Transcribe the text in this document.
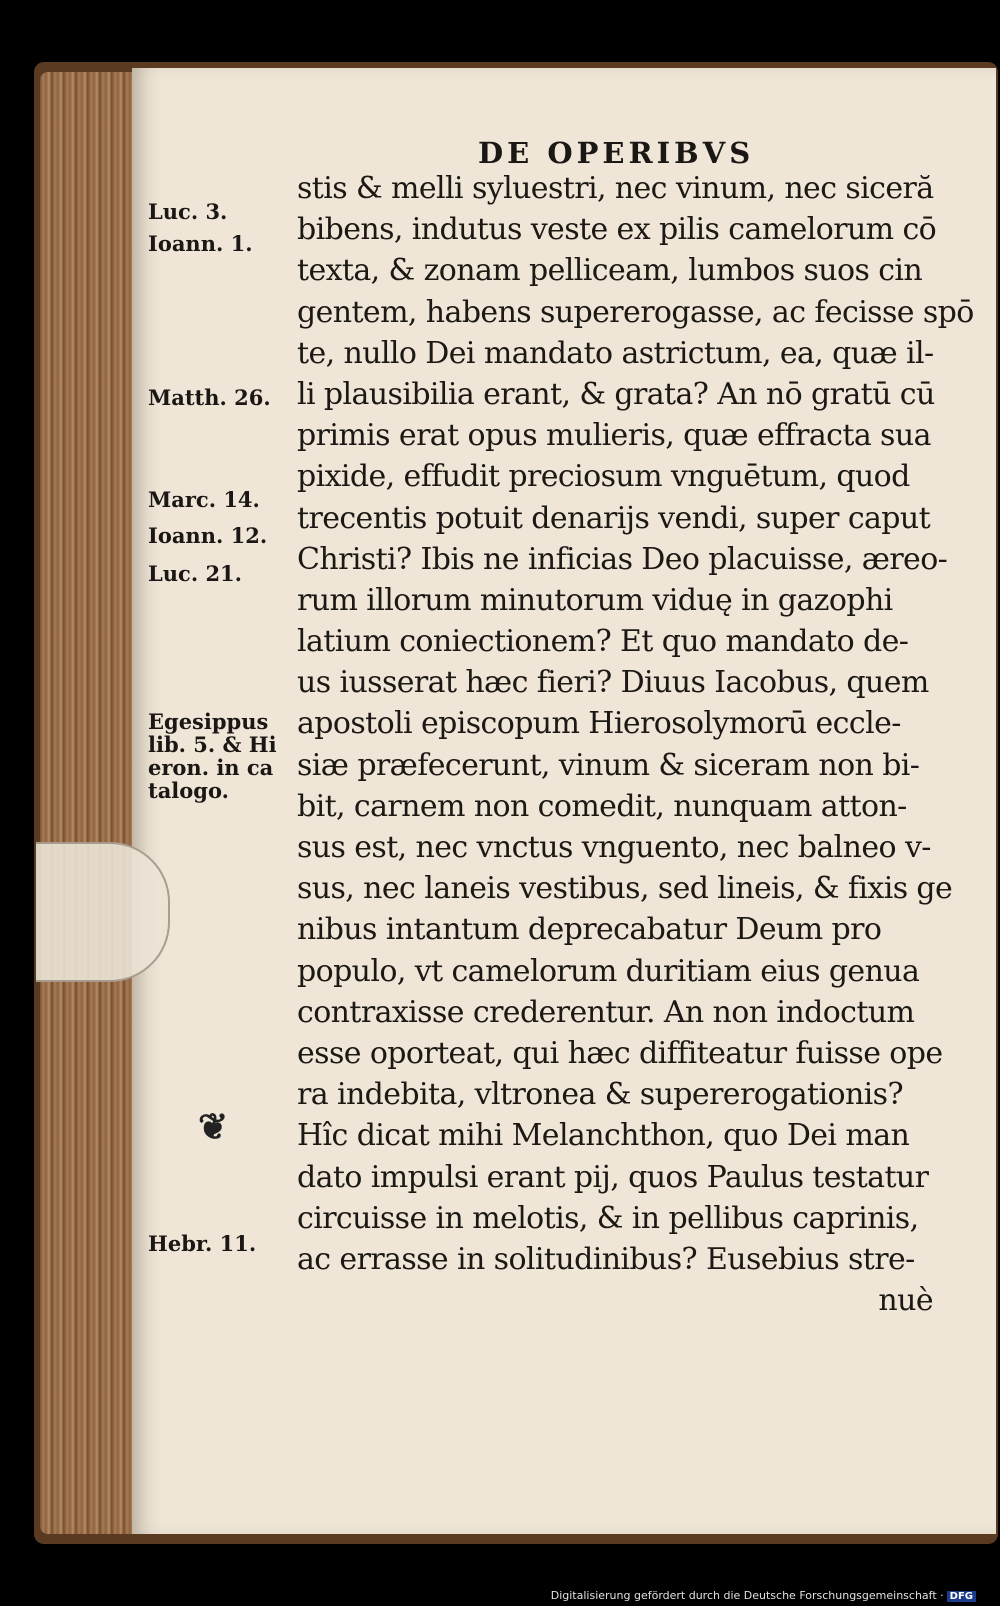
DE OPERIBVS
Luc. 3.
Ioann. 1.
Matth. 26.
Marc. 14.
Ioann. 12.
Luc. 21.
Egesippus lib. 5. & Hi eron. in ca talogo.
Hebr. 11.
❦
stis & melli syluestri, nec vinum, nec siceră
bibens, indutus veste ex pilis camelorum cō
texta, & zonam pelliceam, lumbos suos cin
gentem, habens supererogasse, ac fecisse spō
te, nullo Dei mandato astrictum, ea, quæ il-
li plausibilia erant, & grata? An nō gratū cū
primis erat opus mulieris, quæ effracta sua
pixide, effudit preciosum vnguētum, quod
trecentis potuit denarijs vendi, super caput
Christi? Ibis ne inficias Deo placuisse, æreo-
rum illorum minutorum viduę in gazophi
latium coniectionem? Et quo mandato de-
us iusserat hæc fieri? Diuus Iacobus, quem
apostoli episcopum Hierosolymorū eccle-
siæ præfecerunt, vinum & siceram non bi-
bit, carnem non comedit, nunquam atton-
sus est, nec vnctus vnguento, nec balneo v-
sus, nec laneis vestibus, sed lineis, & fixis ge
nibus intantum deprecabatur Deum pro
populo, vt camelorum duritiam eius genua
contraxisse crederentur. An non indoctum
esse oporteat, qui hæc diffiteatur fuisse ope
ra indebita, vltronea & supererogationis?
Hîc dicat mihi Melanchthon, quo Dei man
dato impulsi erant pij, quos Paulus testatur
circuisse in melotis, & in pellibus caprinis,
ac errasse in solitudinibus? Eusebius stre-
nuè
Digitalisierung gefördert durch die Deutsche Forschungsgemeinschaft · DFG
